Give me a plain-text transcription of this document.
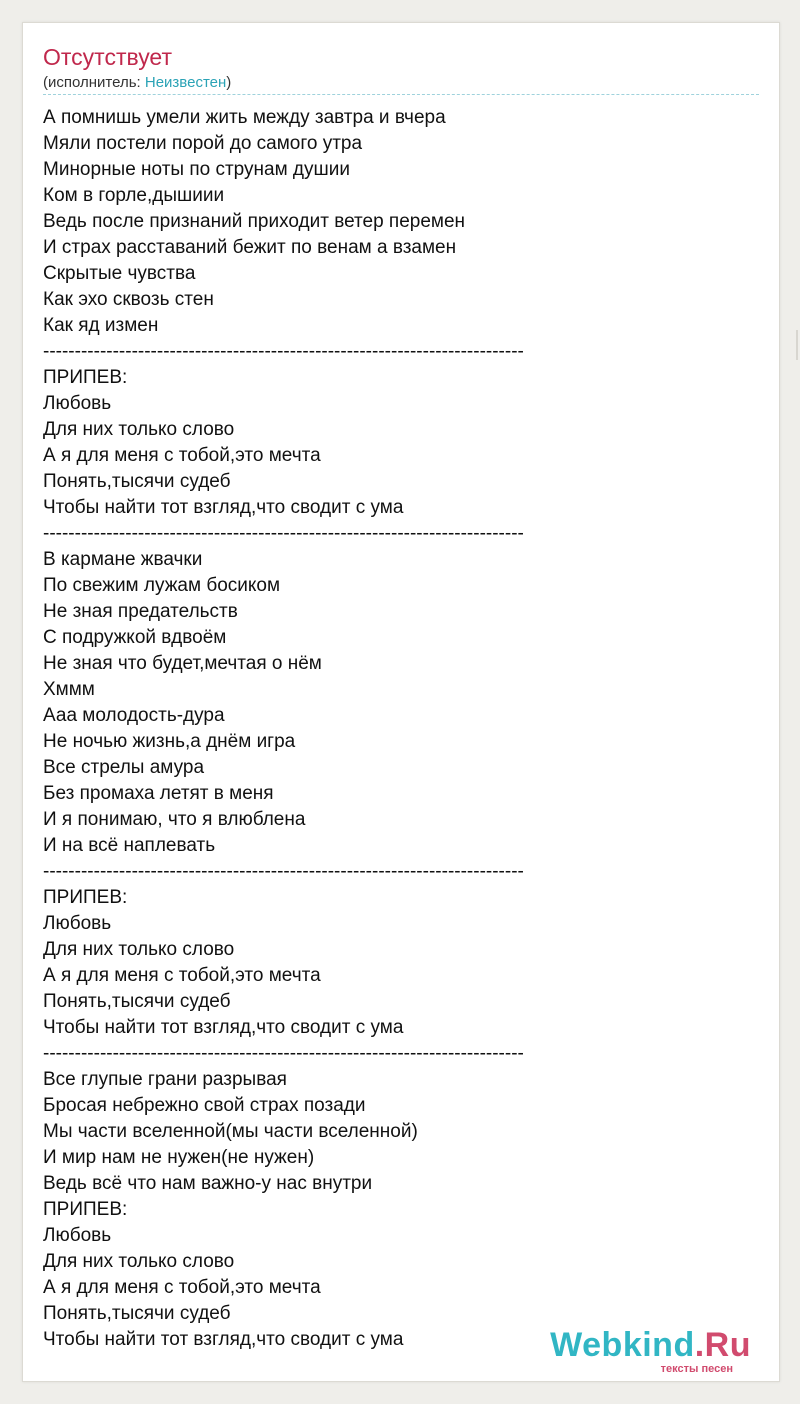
Отсутствует
(исполнитель: Неизвестен)
А помнишь умели жить между завтра и вчера
Мяли постели порой до самого утра
Минорные ноты по струнам душии
Ком в горле,дышиии
Ведь после признаний приходит ветер перемен
И страх расставаний бежит по венам а взамен
Скрытые чувства
Как эхо сквозь стен
Как яд измен
----------------------------------------------------------------------------
ПРИПЕВ:
Любовь
Для них только слово
А я для меня с тобой,это мечта
Понять,тысячи судеб
Чтобы найти тот взгляд,что сводит с ума
----------------------------------------------------------------------------
В кармане жвачки
По свежим лужам босиком
Не зная предательств
С подружкой вдвоём
Не зная что будет,мечтая о нём
Хммм
Ааа молодость-дура
Не ночью жизнь,а днём игра
Все стрелы амура
Без промаха летят в меня
И я понимаю, что я влюблена
И на всё наплевать
----------------------------------------------------------------------------
ПРИПЕВ:
Любовь
Для них только слово
А я для меня с тобой,это мечта
Понять,тысячи судеб
Чтобы найти тот взгляд,что сводит с ума
----------------------------------------------------------------------------
Все глупые грани разрывая
Бросая небрежно свой страх позади
Мы части вселенной(мы части вселенной)
И мир нам не нужен(не нужен)
Ведь всё что нам важно-у нас внутри
ПРИПЕВ:
Любовь
Для них только слово
А я для меня с тобой,это мечта
Понять,тысячи судеб
Чтобы найти тот взгляд,что сводит с ума	Webkind.Ru
тексты песен
